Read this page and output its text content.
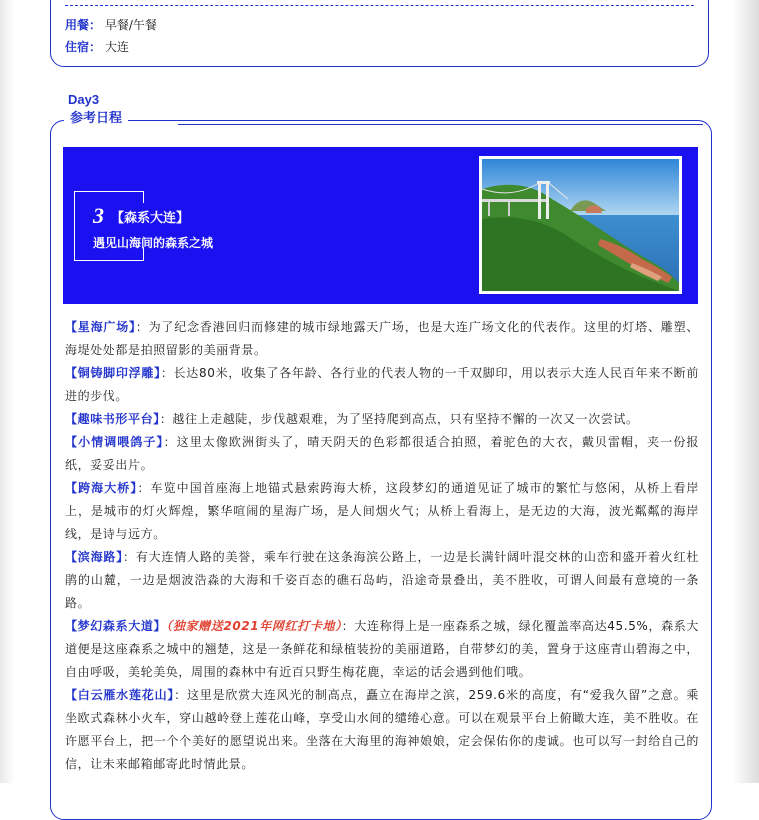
用餐： 早餐/午餐
住宿： 大连
Day3
参考日程
3 【森系大连】
遇见山海间的森系之城

【星海广场】：为了纪念香港回归而修建的城市绿地露天广场，也是大连广场文化的代表作。这里的灯塔、雕塑、海堤处处都是拍照留影的美丽背景。

【铜铸脚印浮雕】：长达80米，收集了各年龄、各行业的代表人物的一千双脚印，用以表示大连人民百年来不断前进的步伐。

【趣味书形平台】：越往上走越陡，步伐越艰难，为了坚持爬到高点，只有坚持不懈的一次又一次尝试。

【小情调喂鸽子】：这里太像欧洲街头了，晴天阴天的色彩都很适合拍照，着驼色的大衣，戴贝雷帽，夹一份报纸，妥妥出片。

【跨海大桥】：车览中国首座海上地锚式悬索跨海大桥，这段梦幻的通道见证了城市的繁忙与悠闲，从桥上看岸上，是城市的灯火辉煌，繁华喧闹的星海广场，是人间烟火气；从桥上看海上，是无边的大海，波光粼粼的海岸线，是诗与远方。

【滨海路】：有大连情人路的美誉，乘车行驶在这条海滨公路上，一边是长满针阔叶混交林的山峦和盛开着火红杜鹃的山麓，一边是烟波浩淼的大海和千姿百态的礁石岛屿，沿途奇景叠出，美不胜收，可谓人间最有意境的一条路。

【梦幻森系大道】（独家赠送2021年网红打卡地）：大连称得上是一座森系之城，绿化覆盖率高达45.5%，森系大道便是这座森系之城中的翘楚，这是一条鲜花和绿植装扮的美丽道路，自带梦幻的美，置身于这座青山碧海之中，自由呼吸，美轮美奂，周围的森林中有近百只野生梅花鹿，幸运的话会遇到他们哦。

【白云雁水莲花山】：这里是欣赏大连风光的制高点，矗立在海岸之滨，259.6米的高度，有“爱我久留”之意。乘坐欧式森林小火车，穿山越岭登上莲花山峰，享受山水间的缱绻心意。可以在观景平台上俯瞰大连，美不胜收。在许愿平台上，把一个个美好的愿望说出来。坐落在大海里的海神娘娘，定会保佑你的虔诚。也可以写一封给自己的信，让未来邮箱邮寄此时情此景。
